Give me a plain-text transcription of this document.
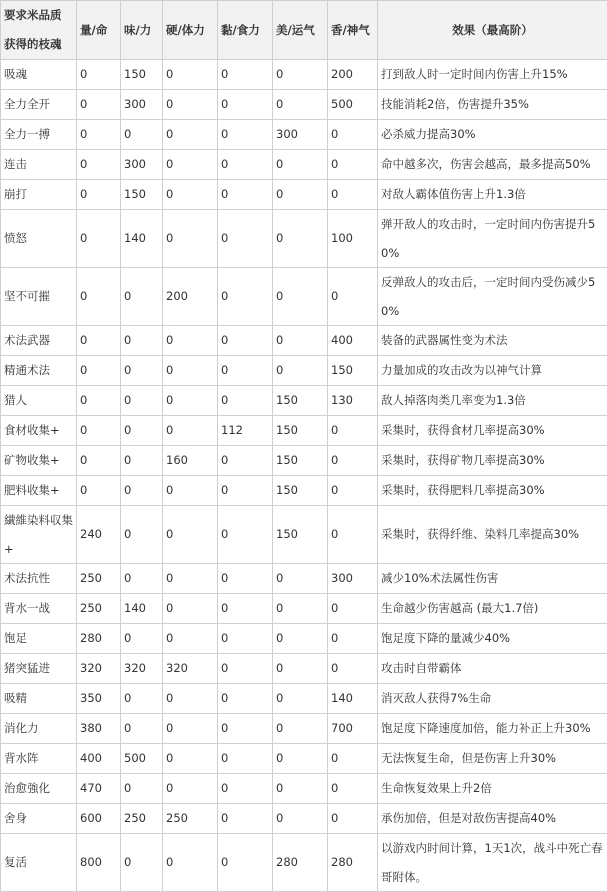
要求米品质
获得的枝魂	量/命	味/力	硬/体力	黏/食力	美/运气	香/神气	效果（最高阶）
吸魂	0	150	0	0	0	200	打到敌人时一定时间内伤害上升15%
全力全开	0	300	0	0	0	500	技能消耗2倍，伤害提升35%
全力一搏	0	0	0	0	300	0	必杀威力提高30%
连击	0	300	0	0	0	0	命中越多次，伤害会越高，最多提高50%
崩打	0	150	0	0	0	0	对敌人霸体值伤害上升1.3倍
愤怒	0	140	0	0	0	100	弹开敌人的攻击时，一定时间内伤害提升50%
坚不可摧	0	0	200	0	0	0	反弹敌人的攻击后，一定时间内受伤减少50%
术法武器	0	0	0	0	0	400	装备的武器属性变为术法
精通术法	0	0	0	0	0	150	力量加成的攻击改为以神气计算
猎人	0	0	0	0	150	130	敌人掉落肉类几率变为1.3倍
食材收集+	0	0	0	112	150	0	采集时，获得食材几率提高30%
矿物收集+	0	0	160	0	150	0	采集时，获得矿物几率提高30%
肥料收集+	0	0	0	0	150	0	采集时，获得肥料几率提高30%
繊維染料収集+	240	0	0	0	150	0	采集时，获得纤维、染料几率提高30%
术法抗性	250	0	0	0	0	300	减少10%术法属性伤害
背水一战	250	140	0	0	0	0	生命越少伤害越高 (最大1.7倍)
饱足	280	0	0	0	0	0	饱足度下降的量减少40%
猪突猛进	320	320	320	0	0	0	攻击时自带霸体
吸精	350	0	0	0	0	140	消灭敌人获得7%生命
消化力	380	0	0	0	0	700	饱足度下降速度加倍，能力补正上升30%
背水阵	400	500	0	0	0	0	无法恢复生命，但是伤害上升30%
治愈強化	470	0	0	0	0	0	生命恢复效果上升2倍
舍身	600	250	250	0	0	0	承伤加倍，但是对敌伤害提高40%
复活	800	0	0	0	280	280	以游戏内时间计算，1天1次，战斗中死亡春哥附体。
